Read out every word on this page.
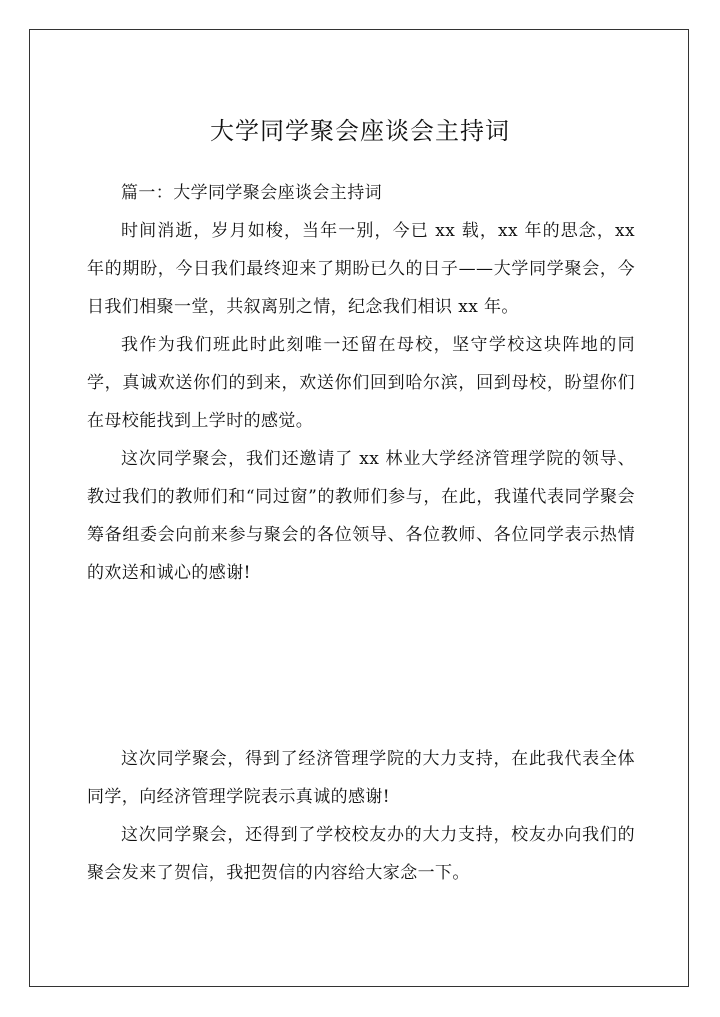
大学同学聚会座谈会主持词

篇一：大学同学聚会座谈会主持词

时间消逝，岁月如梭，当年一别，今已 xx 载，xx 年的思念，xx 年的期盼，今日我们最终迎来了期盼已久的日子——大学同学聚会，今日我们相聚一堂，共叙离别之情，纪念我们相识 xx 年。

我作为我们班此时此刻唯一还留在母校，坚守学校这块阵地的同学，真诚欢送你们的到来，欢送你们回到哈尔滨，回到母校，盼望你们在母校能找到上学时的感觉。

这次同学聚会，我们还邀请了 xx 林业大学经济管理学院的领导、教过我们的教师们和“同过窗”的教师们参与，在此，我谨代表同学聚会筹备组委会向前来参与聚会的各位领导、各位教师、各位同学表示热情的欢送和诚心的感谢!

这次同学聚会，得到了经济管理学院的大力支持，在此我代表全体同学，向经济管理学院表示真诚的感谢!

这次同学聚会，还得到了学校校友办的大力支持，校友办向我们的聚会发来了贺信，我把贺信的内容给大家念一下。
